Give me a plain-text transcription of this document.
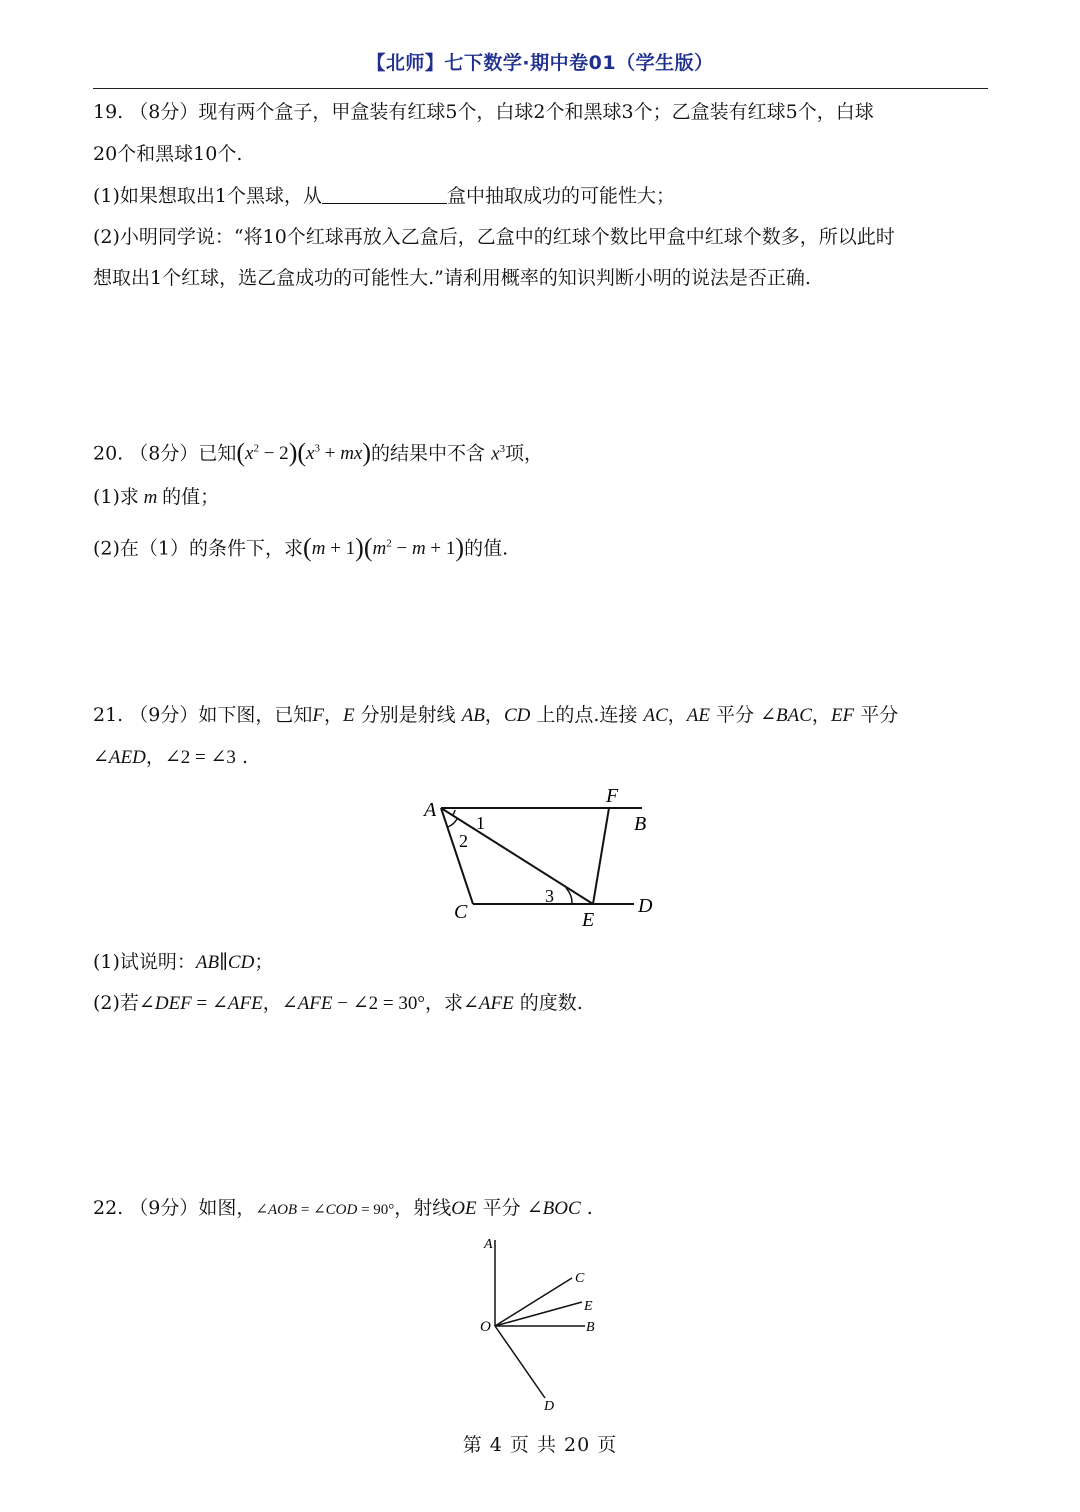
【北师】七下数学·期中卷01（学生版）
19. （8分）现有两个盒子，甲盒装有红球5个，白球2个和黑球3个；乙盒装有红球5个，白球
20个和黑球10个.
(1)如果想取出1个黑球，从	盒中抽取成功的可能性大；
(2)小明同学说：“将10个红球再放入乙盒后，乙盒中的红球个数比甲盒中红球个数多，所以此时
想取出1个红球，选乙盒成功的可能性大.”请利用概率的知识判断小明的说法是否正确.
20. （8分）已知$(x^2 - 2)(x^3 + mx)$的结果中不含 $x^3$项，
(1)求 m 的值；
(2)在（1）的条件下，求$(m + 1)(m^2 - m + 1)$的值.
21. （9分）如下图，已知F，E 分别是射线 AB，CD 上的点.连接 AC，AE 平分 ∠BAC，EF 平分
∠AED，∠2 = ∠3 .
A
B
C	D
E
F
1
2
3
(1)试说明：AB∥CD；
(2)若∠DEF = ∠AFE，∠AFE − ∠2 = 30°，求∠AFE 的度数.
22. （9分）如图，∠AOB = ∠COD = 90°，射线OE 平分 ∠BOC .
A
B
C
D
E
O
第 4 页 共 20 页
